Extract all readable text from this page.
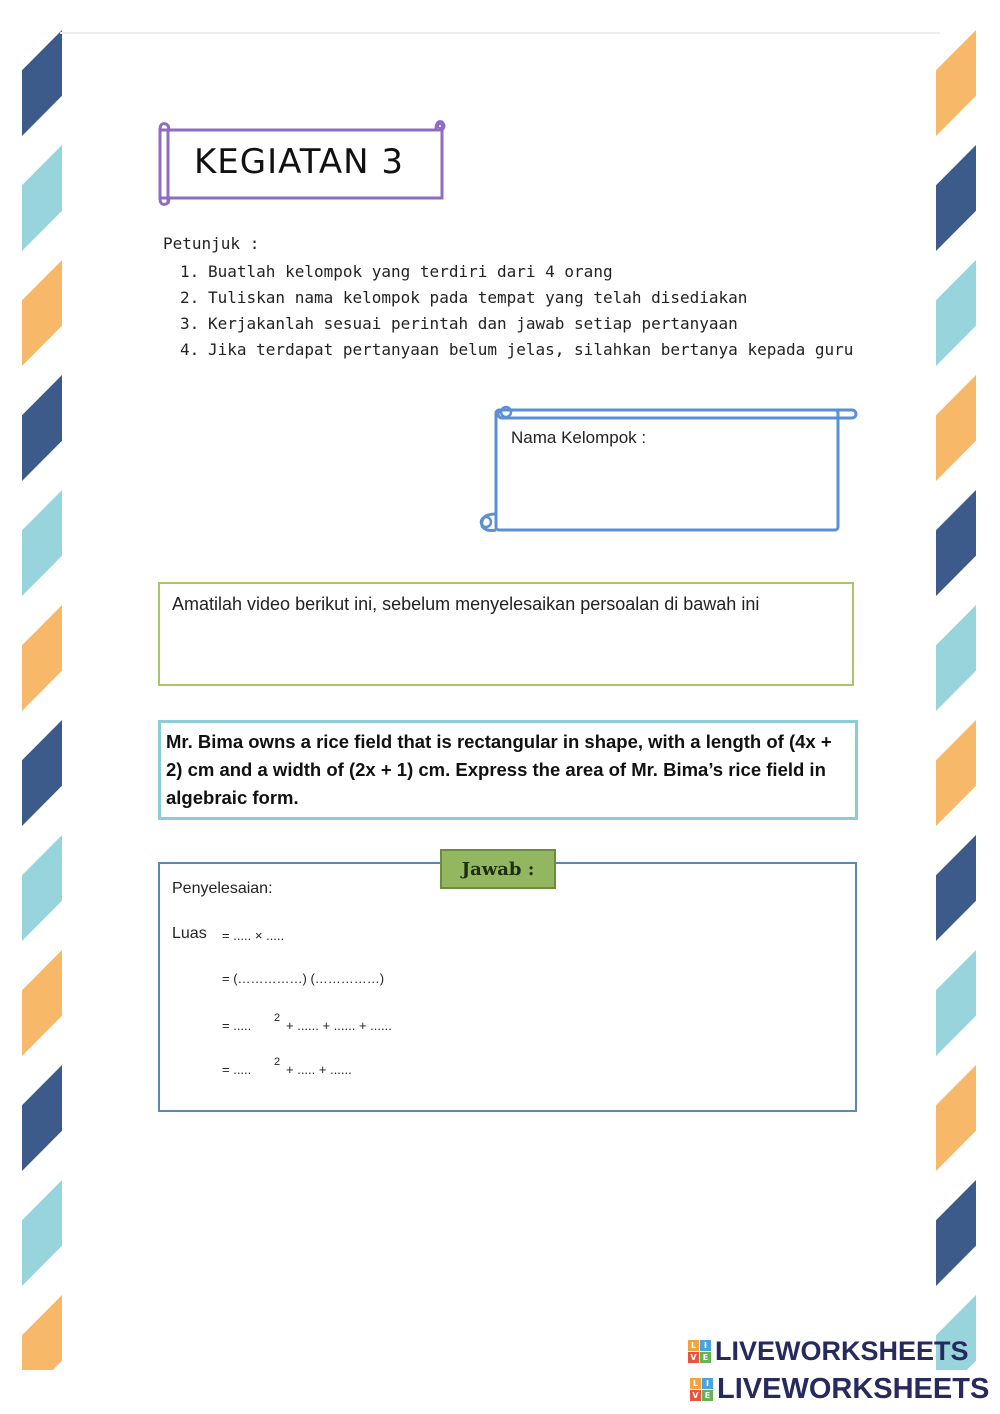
KEGIATAN 3
Petunjuk :
1. Buatlah kelompok yang terdiri dari 4 orang
2. Tuliskan nama kelompok pada tempat yang telah disediakan
3. Kerjakanlah sesuai perintah dan jawab setiap pertanyaan
4. Jika terdapat pertanyaan belum jelas, silahkan bertanya kepada guru
Nama Kelompok :
Amatilah video berikut ini, sebelum menyelesaikan persoalan di bawah ini
Mr. Bima owns a rice field that is rectangular in shape, with a length of (4x + 2) cm and a width of (2x + 1) cm. Express the area of Mr. Bima’s rice field in algebraic form.
Jawab :
Penyelesaian:
Luas = ..... × .....
= (……………) (……………)
= ..... 2 + ...... + ...... + ......
= ..... 2 + ..... + ......
L I
V E LIVEWORKSHEETS
L I
V E LIVEWORKSHEETS
